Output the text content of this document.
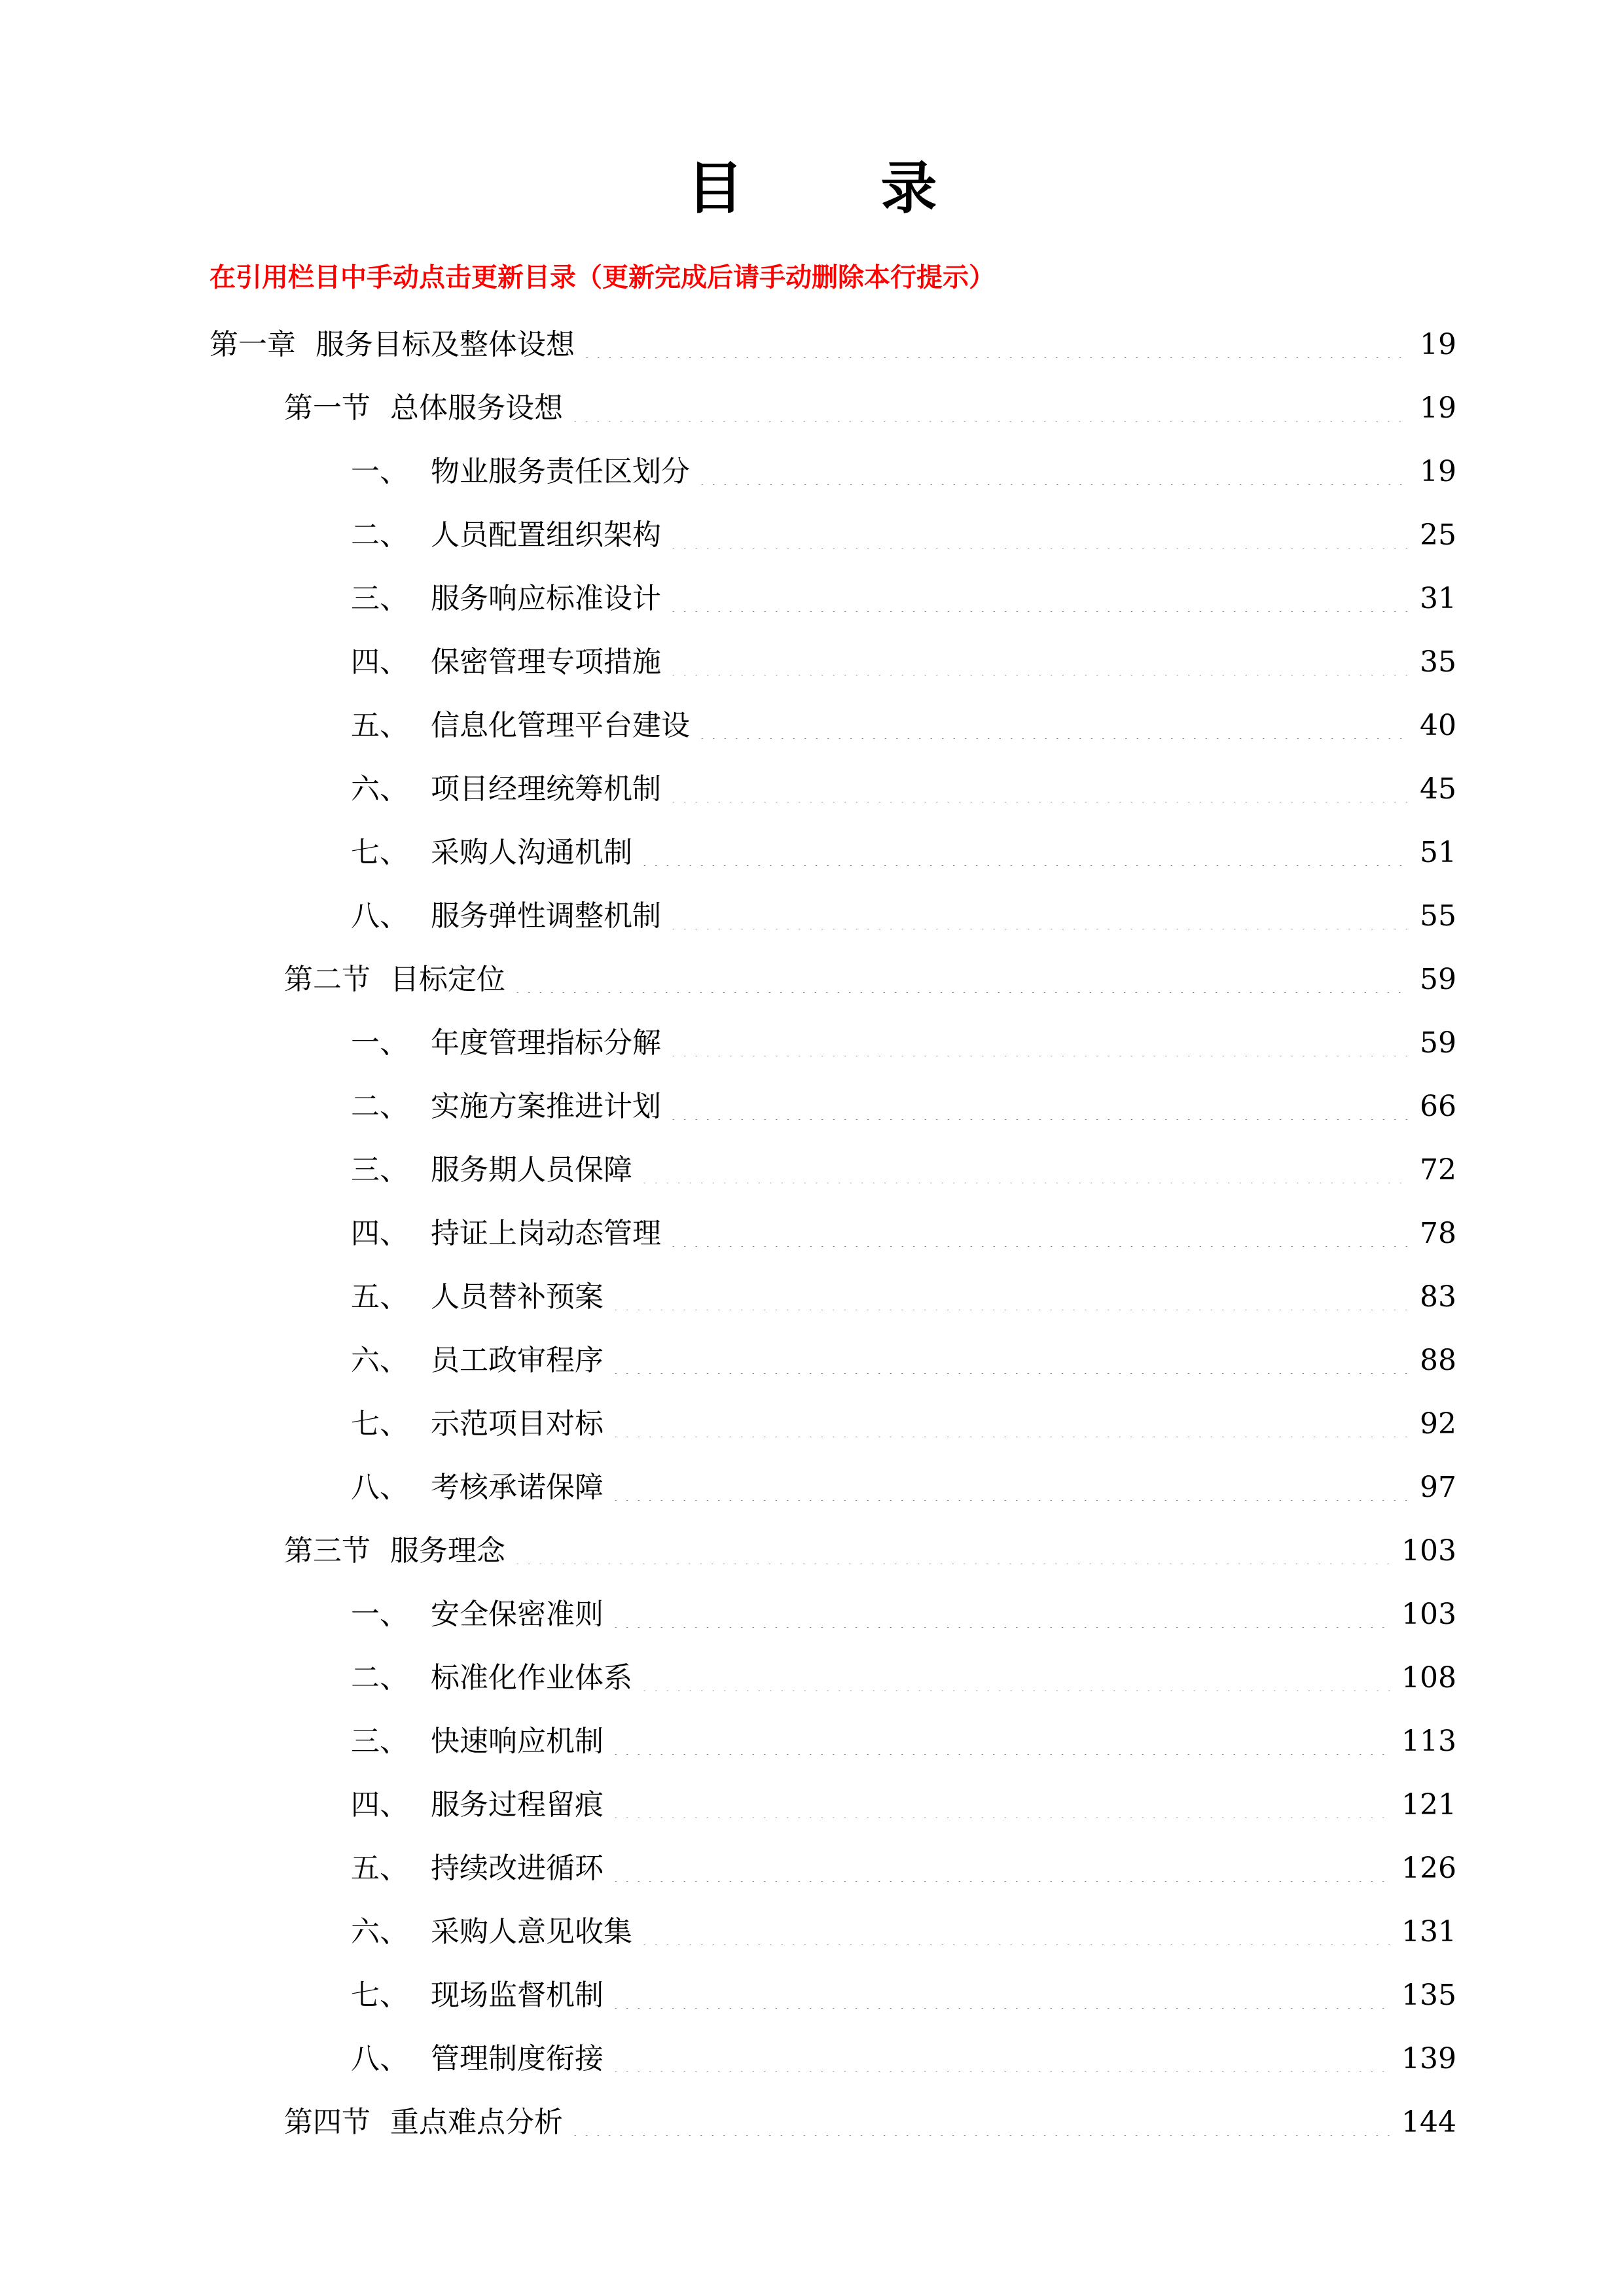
目 录
在引用栏目中手动点击更新目录（更新完成后请手动删除本行提示）
第一章 服务目标及整体设想	19
第一节 总体服务设想	19
一、 物业服务责任区划分	19
二、 人员配置组织架构	25
三、 服务响应标准设计	31
四、 保密管理专项措施	35
五、 信息化管理平台建设	40
六、 项目经理统筹机制	45
七、 采购人沟通机制	51
八、 服务弹性调整机制	55
第二节 目标定位	59
一、 年度管理指标分解	59
二、 实施方案推进计划	66
三、 服务期人员保障	72
四、 持证上岗动态管理	78
五、 人员替补预案	83
六、 员工政审程序	88
七、 示范项目对标	92
八、 考核承诺保障	97
第三节 服务理念	103
一、 安全保密准则	103
二、 标准化作业体系	108
三、 快速响应机制	113
四、 服务过程留痕	121
五、 持续改进循环	126
六、 采购人意见收集	131
七、 现场监督机制	135
八、 管理制度衔接	139
第四节 重点难点分析	144
